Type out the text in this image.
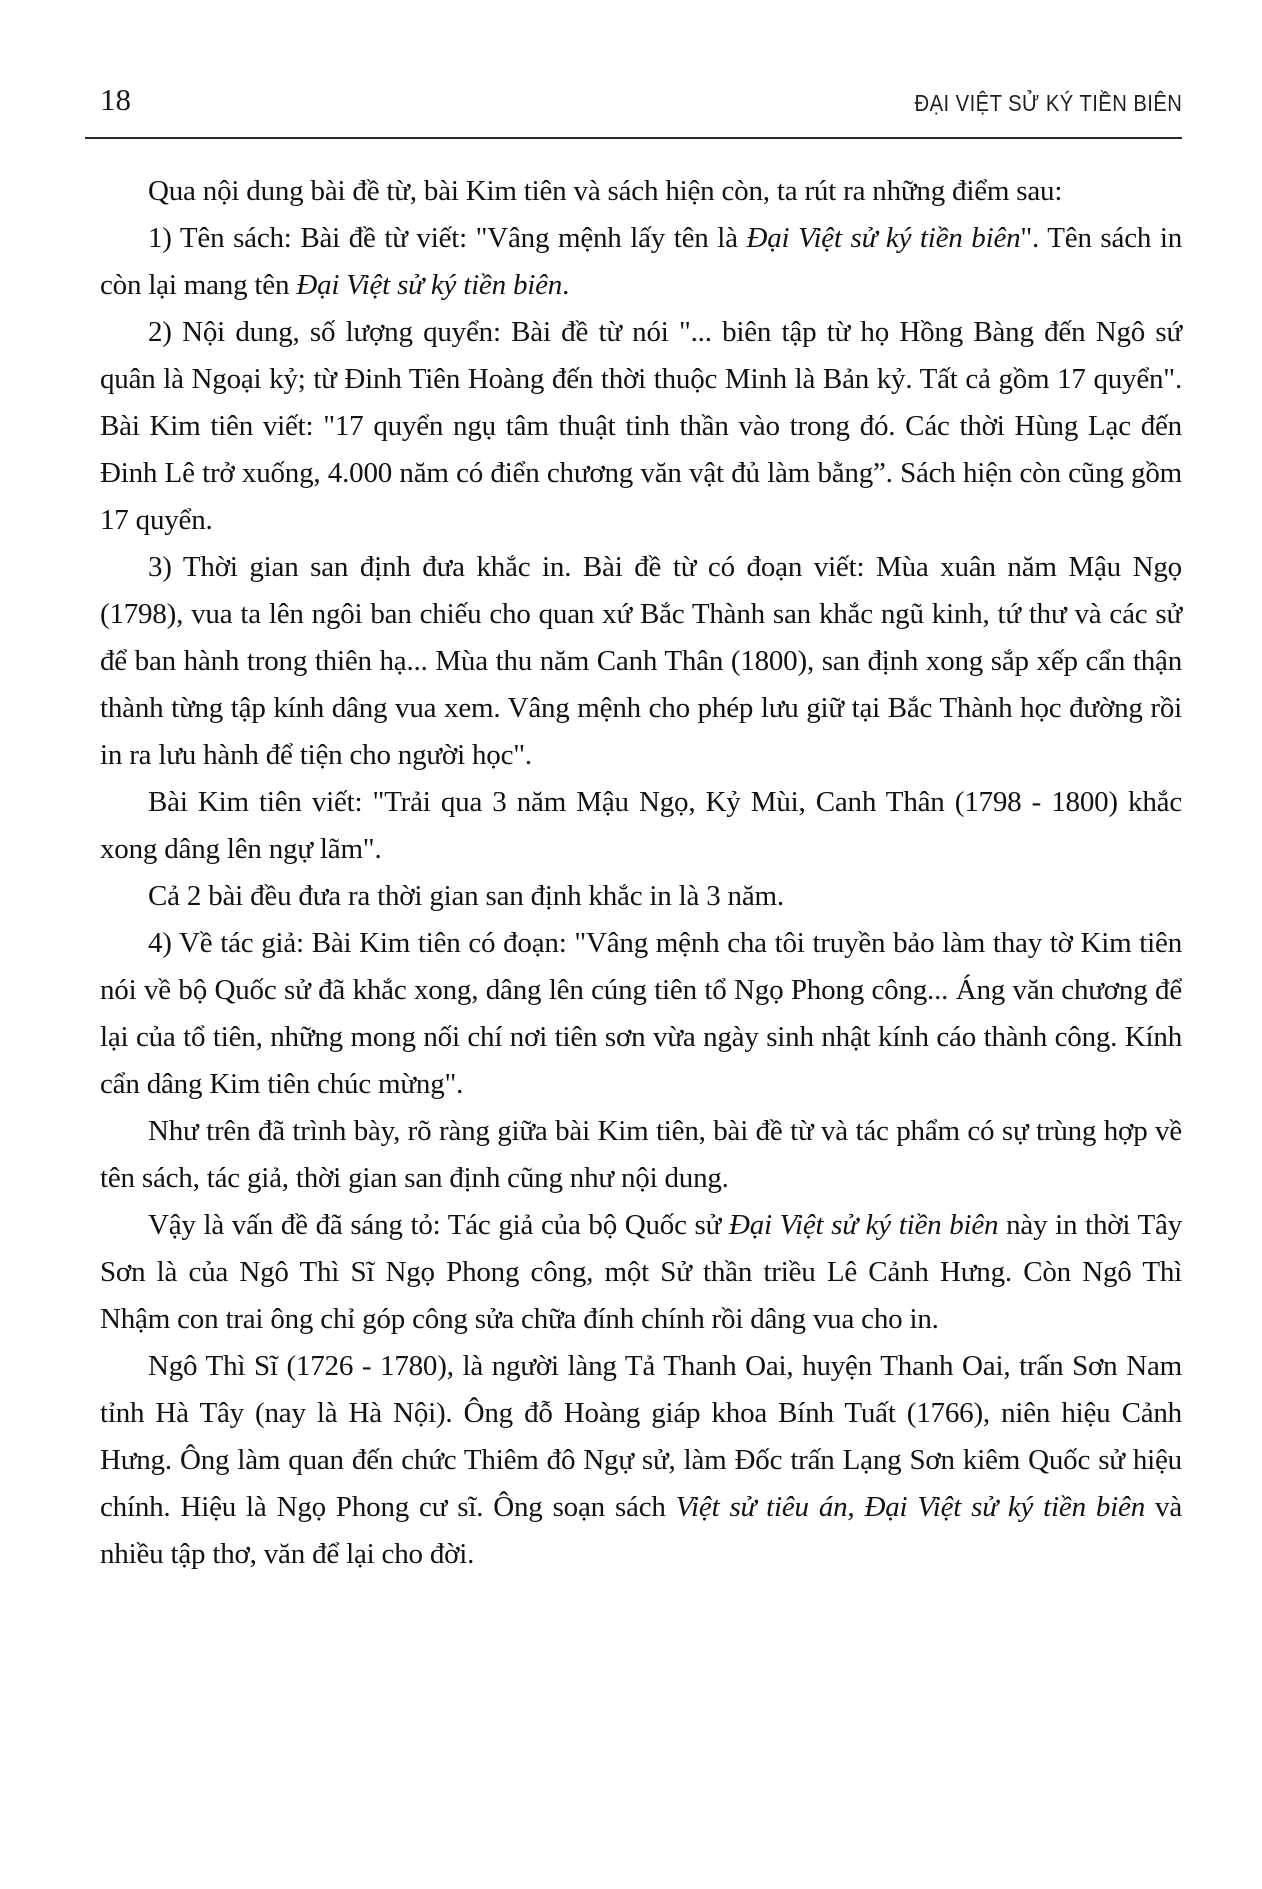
18	ĐẠI VIỆT SỬ KÝ TIỀN BIÊN

Qua nội dung bài đề từ, bài Kim tiên và sách hiện còn, ta rút ra những điểm sau:

1) Tên sách: Bài đề từ viết: "Vâng mệnh lấy tên là Đại Việt sử ký tiền biên". Tên sách in còn lại mang tên Đại Việt sử ký tiền biên.

2) Nội dung, số lượng quyển: Bài đề từ nói "... biên tập từ họ Hồng Bàng đến Ngô sứ quân là Ngoại kỷ; từ Đinh Tiên Hoàng đến thời thuộc Minh là Bản kỷ. Tất cả gồm 17 quyển". Bài Kim tiên viết: "17 quyển ngụ tâm thuật tinh thần vào trong đó. Các thời Hùng Lạc đến Đinh Lê trở xuống, 4.000 năm có điển chương văn vật đủ làm bằng”. Sách hiện còn cũng gồm 17 quyển.

3) Thời gian san định đưa khắc in. Bài đề từ có đoạn viết: Mùa xuân năm Mậu Ngọ (1798), vua ta lên ngôi ban chiếu cho quan xứ Bắc Thành san khắc ngũ kinh, tứ thư và các sử để ban hành trong thiên hạ... Mùa thu năm Canh Thân (1800), san định xong sắp xếp cẩn thận thành từng tập kính dâng vua xem. Vâng mệnh cho phép lưu giữ tại Bắc Thành học đường rồi in ra lưu hành để tiện cho người học".

Bài Kim tiên viết: "Trải qua 3 năm Mậu Ngọ, Kỷ Mùi, Canh Thân (1798 - 1800) khắc xong dâng lên ngự lãm".

Cả 2 bài đều đưa ra thời gian san định khắc in là 3 năm.

4) Về tác giả: Bài Kim tiên có đoạn: "Vâng mệnh cha tôi truyền bảo làm thay tờ Kim tiên nói về bộ Quốc sử đã khắc xong, dâng lên cúng tiên tổ Ngọ Phong công... Áng văn chương để lại của tổ tiên, những mong nối chí nơi tiên sơn vừa ngày sinh nhật kính cáo thành công. Kính cẩn dâng Kim tiên chúc mừng".

Như trên đã trình bày, rõ ràng giữa bài Kim tiên, bài đề từ và tác phẩm có sự trùng hợp về tên sách, tác giả, thời gian san định cũng như nội dung.

Vậy là vấn đề đã sáng tỏ: Tác giả của bộ Quốc sử Đại Việt sử ký tiền biên này in thời Tây Sơn là của Ngô Thì Sĩ Ngọ Phong công, một Sử thần triều Lê Cảnh Hưng. Còn Ngô Thì Nhậm con trai ông chỉ góp công sửa chữa đính chính rồi dâng vua cho in.

Ngô Thì Sĩ (1726 - 1780), là người làng Tả Thanh Oai, huyện Thanh Oai, trấn Sơn Nam tỉnh Hà Tây (nay là Hà Nội). Ông đỗ Hoàng giáp khoa Bính Tuất (1766), niên hiệu Cảnh Hưng. Ông làm quan đến chức Thiêm đô Ngự sử, làm Đốc trấn Lạng Sơn kiêm Quốc sử hiệu chính. Hiệu là Ngọ Phong cư sĩ. Ông soạn sách Việt sử tiêu án, Đại Việt sử ký tiền biên và nhiều tập thơ, văn để lại cho đời.
